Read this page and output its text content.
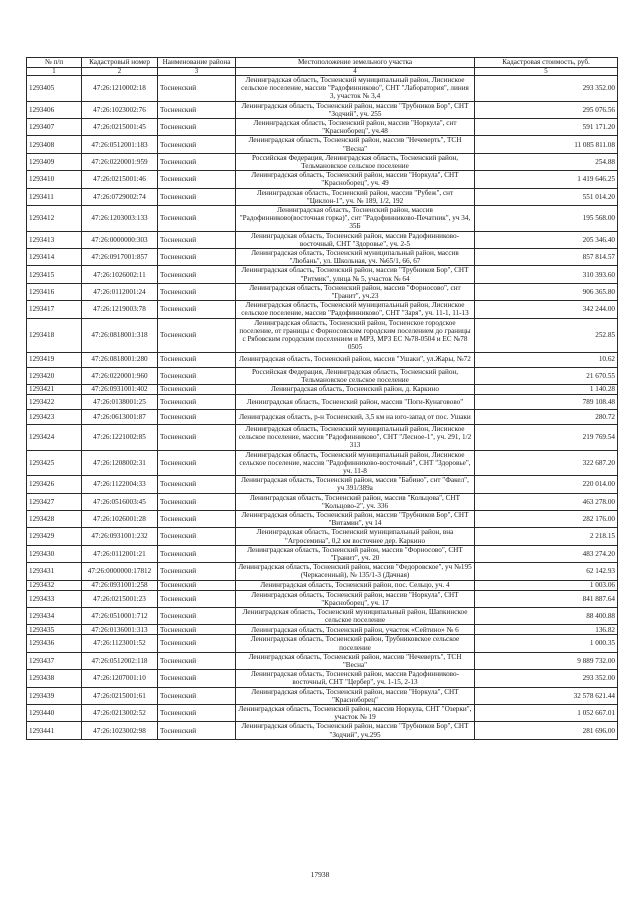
№ п/п	Кадастровый номер	Наименование района	Местоположение земельного участка	Кадастровая стоимость, руб.
1	2	3	4	5
1293405	47:26:1210002:18	Тосненский	Ленинградская область, Тосненский муниципальный район, Лисинское сельское поселение, массив "Радофинниково", СНТ "Лаборатория", линия 3, участок № 3,4	293 352.00
1293406	47:26:1023002:76	Тосненский	Ленинградская область, Тосненский район, массив "Трубников Бор", СНТ "Зодчий", уч. 255	295 076.56
1293407	47:26:0215001:45	Тосненский	Ленинградская область, Тосненский район, массив "Норкула", снт "Красноборец", уч.48	591 171.20
1293408	47:26:0512001:183	Тосненский	Ленинградская область, Тосненский район, массив "Нечеверть", ТСН "Весна"	11 085 811.08
1293409	47:26:0220001:959	Тосненский	Российская Федерация, Ленинградская область, Тосненский район, Тельмановское сельское поселение	254.88
1293410	47:26:0215001:46	Тосненский	Ленинградская область, Тосненский район, массив "Норкула", СНТ "Красноборец", уч. 49	1 419 646.25
1293411	47:26:0729002:74	Тосненский	Ленинградская область, Тосненский район, массив "Рубеж", снт "Циклон-1", уч. № 189, 1/2, 192	551 014.20
1293412	47:26:1203003:133	Тосненский	Ленинградская область, Тосненский район, массив "Радофинниково(восточная горка)", снт "Радофинниково-Печатник", уч 34, 35Б	195 568.00
1293413	47:26:0000000:303	Тосненский	Ленинградская область, Тосненский район, массив Радофинниково-восточный, СНТ "Здоровье", уч. 2-5	205 346.40
1293414	47:26:0917001:857	Тосненский	Ленинградская область, Тосненский муниципальный район, массив "Любань", ул. Школьная, уч. №65/1, 66, 67	857 814.57
1293415	47:26:1026002:11	Тосненский	Ленинградская область, Тосненский район, массив "Трубников Бор", СНТ "Ритмик", улица № 5, участок № 64	310 393.60
1293416	47:26:0112001:24	Тосненский	Ленинградская область, Тосненский район, массив "Форносово", снт "Гранит", уч.23	906 365.80
1293417	47:26:1219003:78	Тосненский	Ленинградская область, Тосненский муниципальный район, Лисинское сельское поселение, массив "Радофинниково", СНТ "Заря", уч. 11-1, 11-13	342 244.00
1293418	47:26:0818001:318	Тосненский	Ленинградская область, Тосненский район, Тосненское городское поселение, от границы с Форносовским городским поселением до границы с Рябовским городским поселением и МРЗ, МРЗ ЕС №78-0504 и ЕС №78 0505	252.85
1293419	47:26:0818001:280	Тосненский	Ленинградская область, Тосненский район, массив "Ушаки", ул.Жары, №72	10.62
1293420	47:26:0220001:960	Тосненский	Российская Федерация, Ленинградская область, Тосненский район, Тельмановское сельское поселение	21 670.55
1293421	47:26:0931001:402	Тосненский	Ленинградская область, Тосненский район, д. Каркино	1 140.28
1293422	47:26:0138001:25	Тосненский	Ленинградская область, Тосненский район, массив "Поги-Кунаговово"	789 108.48
1293423	47:26:0613001:87	Тосненский	Ленинградская область, р-н Тосненский, 3,5 км на юго-запад от пос. Ушаки	280.72
1293424	47:26:1221002:85	Тосненский	Ленинградская область, Тосненский муниципальный район, Лисинское сельское поселение, массив "Радофинниково", СНТ "Лесное-1", уч. 291, 1/2 313	219 769.54
1293425	47:26:1208002:31	Тосненский	Ленинградская область, Тосненский муниципальный район, Лисинское сельское поселение, массив "Радофинниково-восточный", СНТ "Здоровье", уч. 11-8	322 687.20
1293426	47:26:1122004:33	Тосненский	Ленинградская область, Тосненский район, массив "Бабино", снт "Факел", уч 391/389а	220 014.00
1293427	47:26:0516003:45	Тосненский	Ленинградская область, Тосненский район, массив "Кольцова", СНТ "Кольцово-2", уч. 336	463 278.00
1293428	47:26:1026001:28	Тосненский	Ленинградская область, Тосненский район, массив "Трубников Бор", СНТ "Витамин", уч 14	282 176.00
1293429	47:26:0931001:232	Тосненский	Ленинградская область, Тосненский муниципальный район, вна "Агросемина", 0,2 км восточнее дер. Каркино	2 218.15
1293430	47:26:0112001:21	Тосненский	Ленинградская область, Тосненский район, массив "Форносово", СНТ "Гранит", уч. 20	483 274.20
1293431	47:26:0000000:17812	Тосненский	Ленинградская область, Тосненский район, массив "Федоровское", уч №195 (Черкасенный), № 135/1-3 (Дачная)	62 142.93
1293432	47:26:0931001:258	Тосненский	Ленинградская область, Тосненский район, пос. Сельцо, уч. 4	1 003.06
1293433	47:26:0215001:23	Тосненский	Ленинградская область, Тосненский район, массив "Норкула", СНТ "Красноборец", уч. 17	841 887.64
1293434	47:26:0510001:712	Тосненский	Ленинградская область, Тосненский муниципальный район, Шапкинское сельское поселение	88 400.88
1293435	47:26:0136001:313	Тосненский	Ленинградская область, Тосненский район, участок «Сейтино» № 6	136.82
1293436	47:26:1123001:52	Тосненский	Ленинградская область, Тосненский район, Трубниковское сельское поселение	1 000.35
1293437	47:26:0512002:118	Тосненский	Ленинградская область, Тосненский район, массив "Нечеверть", ТСН "Весна"	9 889 732.00
1293438	47:26:1207001:10	Тосненский	Ленинградская область, Тосненский район, массив Радофинниково-восточный, СНТ "Цербер", уч. 1-15, 2-13	293 352.00
1293439	47:26:0215001:61	Тосненский	Ленинградская область, Тосненский район, массив "Норкула", СНТ "Красноборец"	32 578 621.44
1293440	47:26:0213002:52	Тосненский	Ленинградская область, Тосненский район, массив Норкула, СНТ "Озерки", участок № 19	1 052 667.01
1293441	47:26:1023002:98	Тосненский	Ленинградская область, Тосненский район, массив "Трубников Бор", СНТ "Зодчий", уч.295	281 696.00
17938
